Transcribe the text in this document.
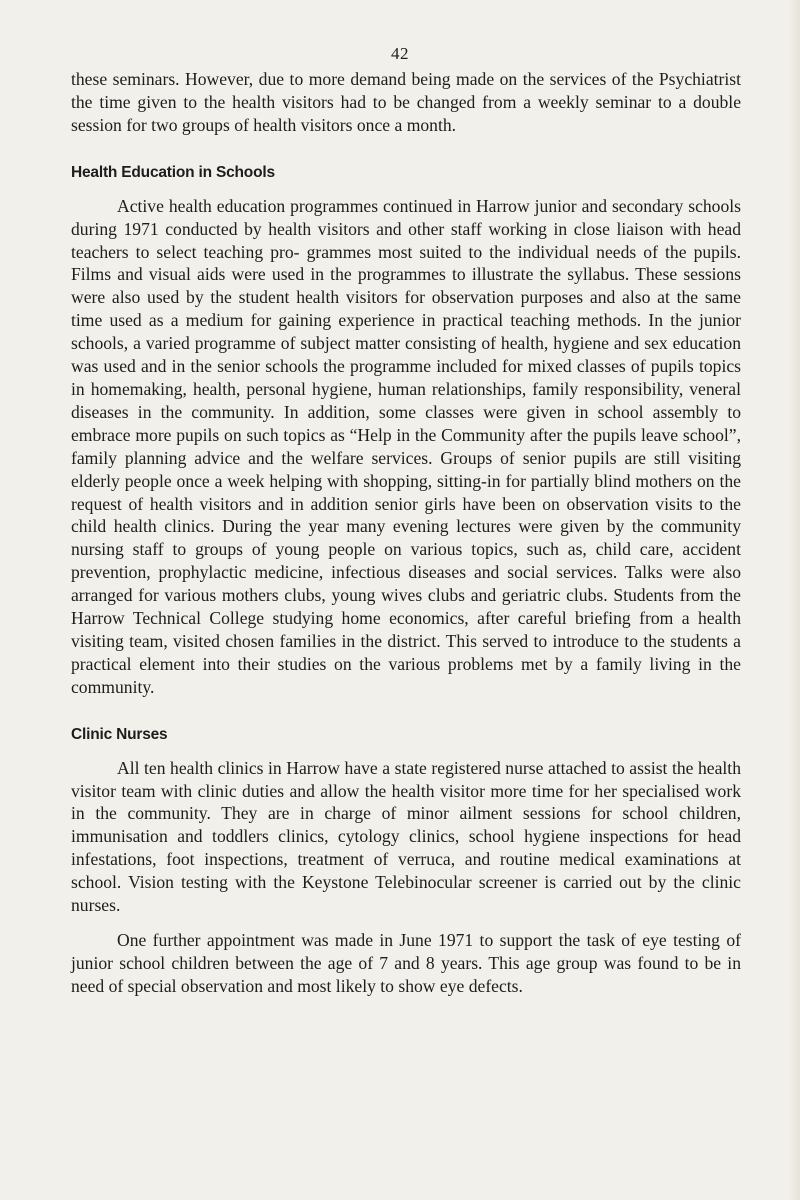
42

these seminars. However, due to more demand being made on the services of the Psychiatrist the time given to the health visitors had to be changed from a weekly seminar to a double session for two groups of health visitors once a month.

Health Education in Schools

Active health education programmes continued in Harrow junior and secondary schools during 1971 conducted by health visitors and other staff working in close liaison with head teachers to select teaching pro- grammes most suited to the individual needs of the pupils. Films and visual aids were used in the programmes to illustrate the syllabus. These sessions were also used by the student health visitors for observation purposes and also at the same time used as a medium for gaining experience in practical teaching methods. In the junior schools, a varied programme of subject matter consisting of health, hygiene and sex education was used and in the senior schools the programme included for mixed classes of pupils topics in homemaking, health, personal hygiene, human relationships, family responsibility, veneral diseases in the community. In addition, some classes were given in school assembly to embrace more pupils on such topics as “Help in the Community after the pupils leave school”, family planning advice and the welfare services. Groups of senior pupils are still visiting elderly people once a week helping with shopping, sitting-in for partially blind mothers on the request of health visitors and in addition senior girls have been on observation visits to the child health clinics. During the year many evening lectures were given by the community nursing staff to groups of young people on various topics, such as, child care, accident prevention, prophylactic medicine, infectious diseases and social services. Talks were also arranged for various mothers clubs, young wives clubs and geriatric clubs. Students from the Harrow Technical College studying home economics, after careful briefing from a health visiting team, visited chosen families in the district. This served to introduce to the students a practical element into their studies on the various problems met by a family living in the community.

Clinic Nurses

All ten health clinics in Harrow have a state registered nurse attached to assist the health visitor team with clinic duties and allow the health visitor more time for her specialised work in the community. They are in charge of minor ailment sessions for school children, immunisation and toddlers clinics, cytology clinics, school hygiene inspections for head infestations, foot inspections, treatment of verruca, and routine medical examinations at school. Vision testing with the Keystone Telebinocular screener is carried out by the clinic nurses.

One further appointment was made in June 1971 to support the task of eye testing of junior school children between the age of 7 and 8 years. This age group was found to be in need of special observation and most likely to show eye defects.
